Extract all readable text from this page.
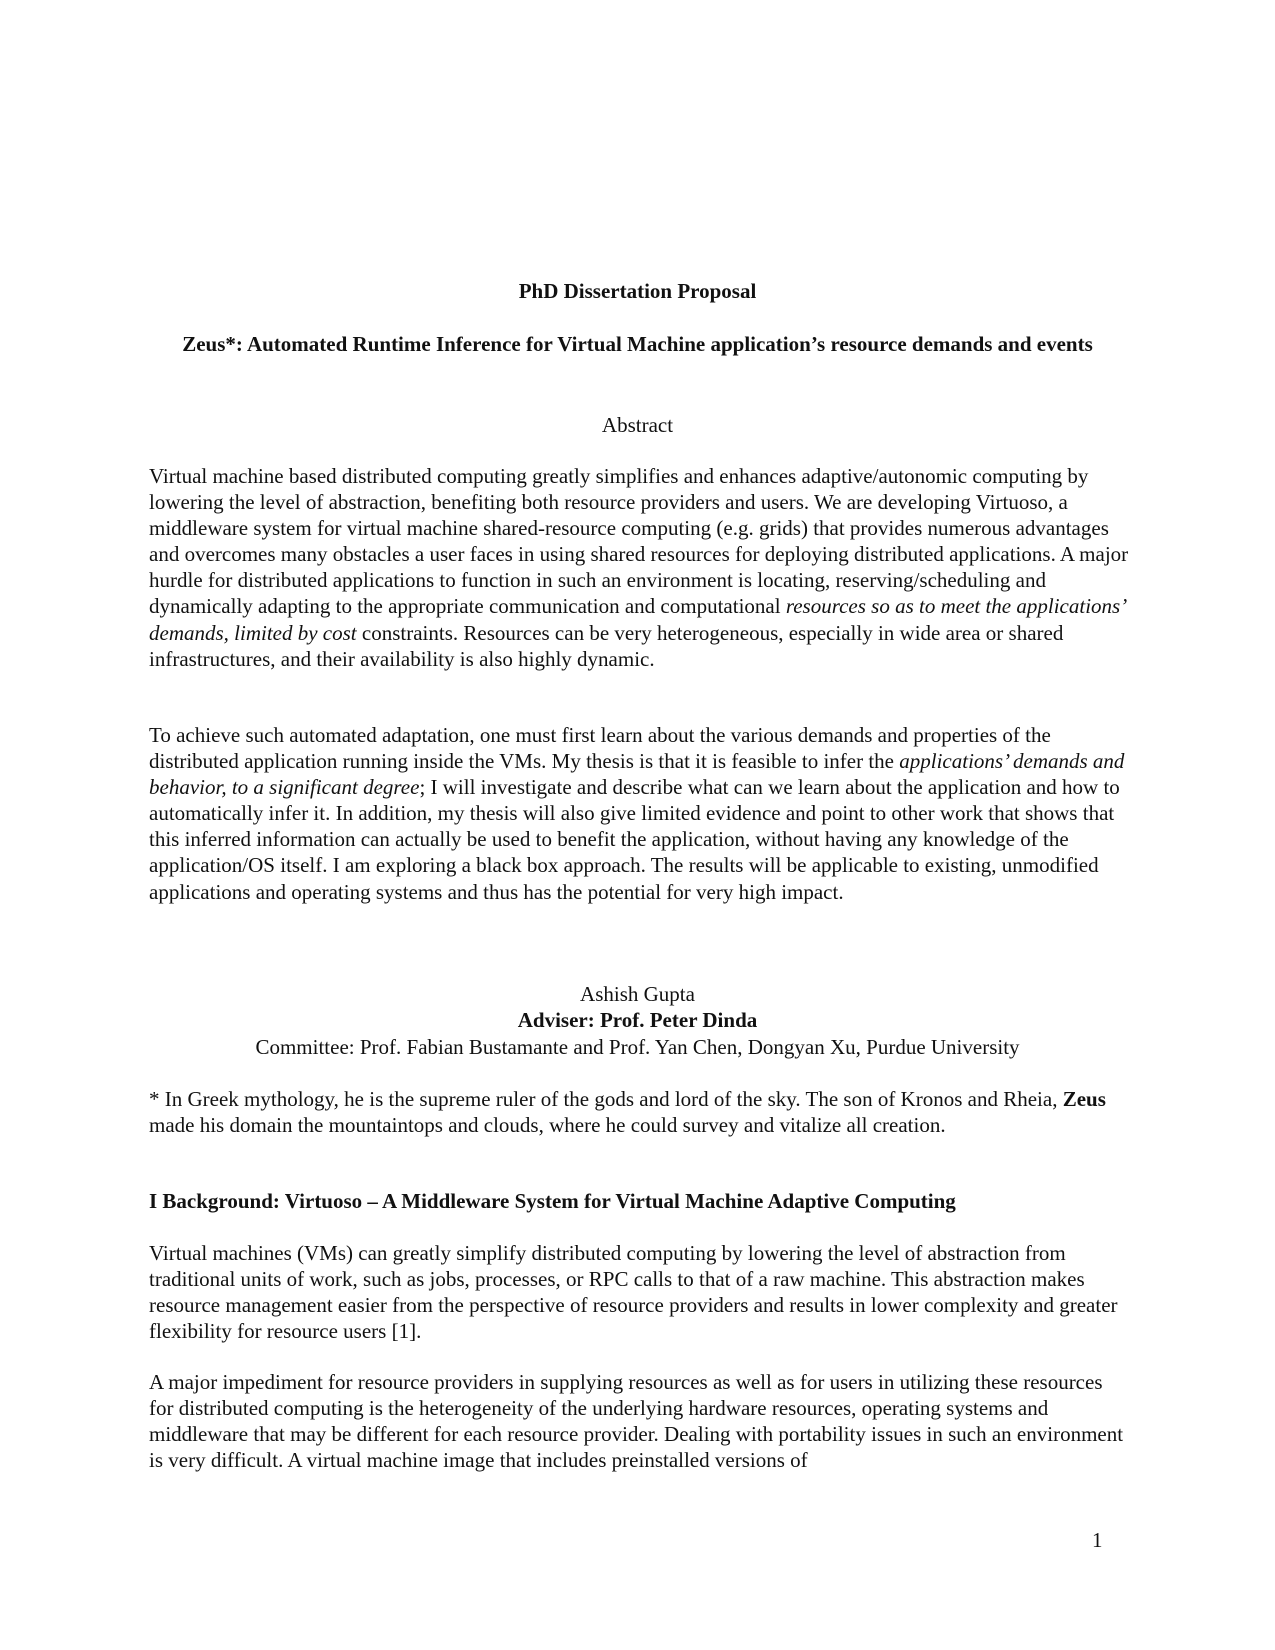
PhD Dissertation Proposal
Zeus*: Automated Runtime Inference for Virtual Machine application’s resource demands and events
Abstract
Virtual machine based distributed computing greatly simplifies and enhances adaptive/autonomic computing by lowering the level of abstraction, benefiting both resource providers and users. We are developing Virtuoso, a middleware system for virtual machine shared-resource computing (e.g. grids) that provides numerous advantages and overcomes many obstacles a user faces in using shared resources for deploying distributed applications. A major hurdle for distributed applications to function in such an environment is locating, reserving/scheduling and dynamically adapting to the appropriate communication and computational resources so as to meet the applications’ demands, limited by cost constraints. Resources can be very heterogeneous, especially in wide area or shared infrastructures, and their availability is also highly dynamic.
To achieve such automated adaptation, one must first learn about the various demands and properties of the distributed application running inside the VMs. My thesis is that it is feasible to infer the applications’ demands and behavior, to a significant degree; I will investigate and describe what can we learn about the application and how to automatically infer it. In addition, my thesis will also give limited evidence and point to other work that shows that this inferred information can actually be used to benefit the application, without having any knowledge of the application/OS itself. I am exploring a black box approach. The results will be applicable to existing, unmodified applications and operating systems and thus has the potential for very high impact.
Ashish Gupta
Adviser: Prof. Peter Dinda
Committee: Prof. Fabian Bustamante and Prof. Yan Chen, Dongyan Xu, Purdue University
* In Greek mythology, he is the supreme ruler of the gods and lord of the sky. The son of Kronos and Rheia, Zeus made his domain the mountaintops and clouds, where he could survey and vitalize all creation.
I Background: Virtuoso – A Middleware System for Virtual Machine Adaptive Computing
Virtual machines (VMs) can greatly simplify distributed computing by lowering the level of abstraction from traditional units of work, such as jobs, processes, or RPC calls to that of a raw machine. This abstraction makes resource management easier from the perspective of resource providers and results in lower complexity and greater flexibility for resource users [1].
A major impediment for resource providers in supplying resources as well as for users in utilizing these resources for distributed computing is the heterogeneity of the underlying hardware resources, operating systems and middleware that may be different for each resource provider. Dealing with portability issues in such an environment is very difficult. A virtual machine image that includes preinstalled versions of
1
